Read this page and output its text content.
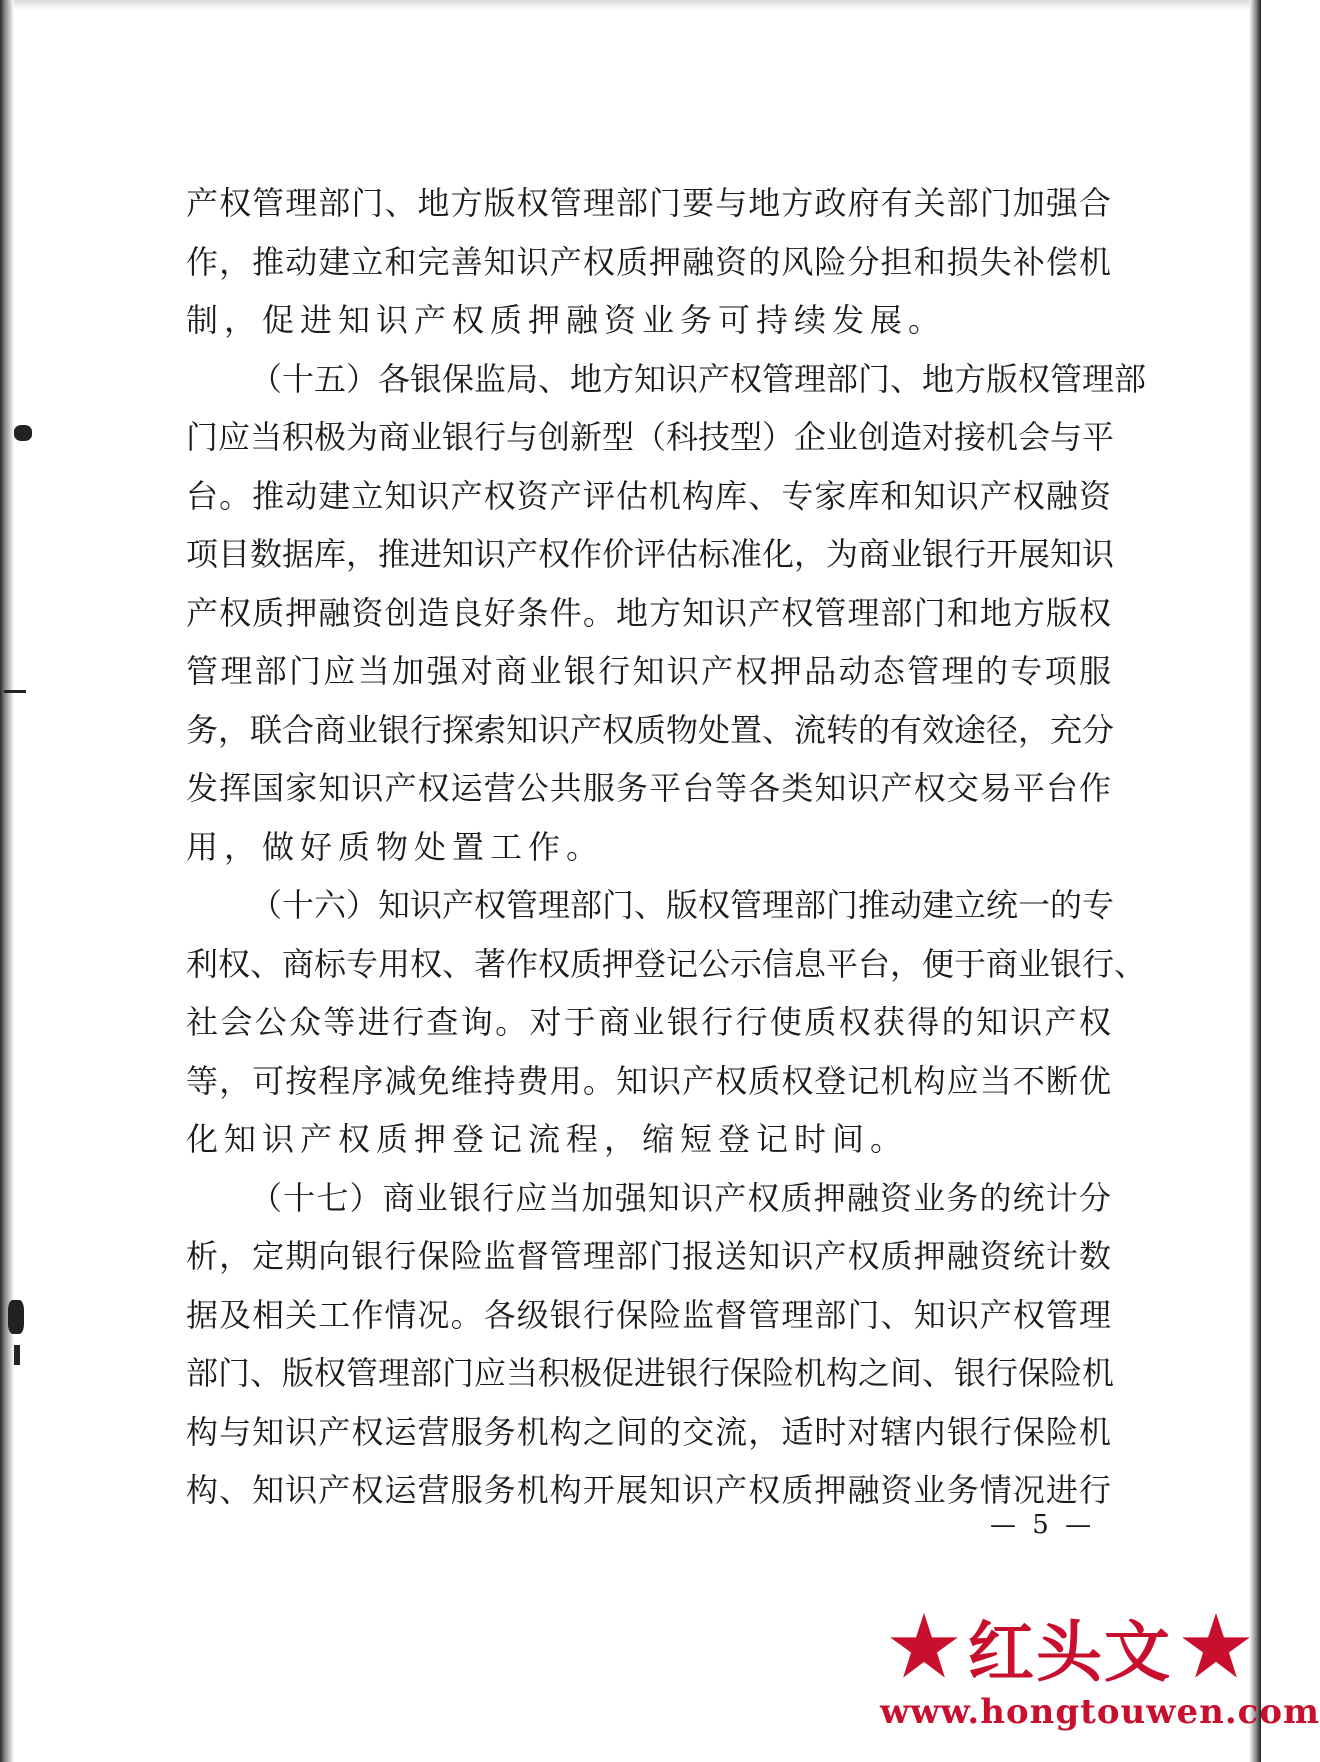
产权管理部门、地方版权管理部门要与地方政府有关部门加强合
作，推动建立和完善知识产权质押融资的风险分担和损失补偿机
制，促进知识产权质押融资业务可持续发展。
（十五）各银保监局、地方知识产权管理部门、地方版权管理部
门应当积极为商业银行与创新型（科技型）企业创造对接机会与平
台。推动建立知识产权资产评估机构库、专家库和知识产权融资
项目数据库，推进知识产权作价评估标准化，为商业银行开展知识
产权质押融资创造良好条件。地方知识产权管理部门和地方版权
管理部门应当加强对商业银行知识产权押品动态管理的专项服
务，联合商业银行探索知识产权质物处置、流转的有效途径，充分
发挥国家知识产权运营公共服务平台等各类知识产权交易平台作
用，做好质物处置工作。
（十六）知识产权管理部门、版权管理部门推动建立统一的专
利权、商标专用权、著作权质押登记公示信息平台，便于商业银行、
社会公众等进行查询。对于商业银行行使质权获得的知识产权
等，可按程序减免维持费用。知识产权质权登记机构应当不断优
化知识产权质押登记流程，缩短登记时间。
（十七）商业银行应当加强知识产权质押融资业务的统计分
析，定期向银行保险监督管理部门报送知识产权质押融资统计数
据及相关工作情况。各级银行保险监督管理部门、知识产权管理
部门、版权管理部门应当积极促进银行保险机构之间、银行保险机
构与知识产权运营服务机构之间的交流，适时对辖内银行保险机
构、知识产权运营服务机构开展知识产权质押融资业务情况进行
— 5 —
红头文
www.hongtouwen.com
